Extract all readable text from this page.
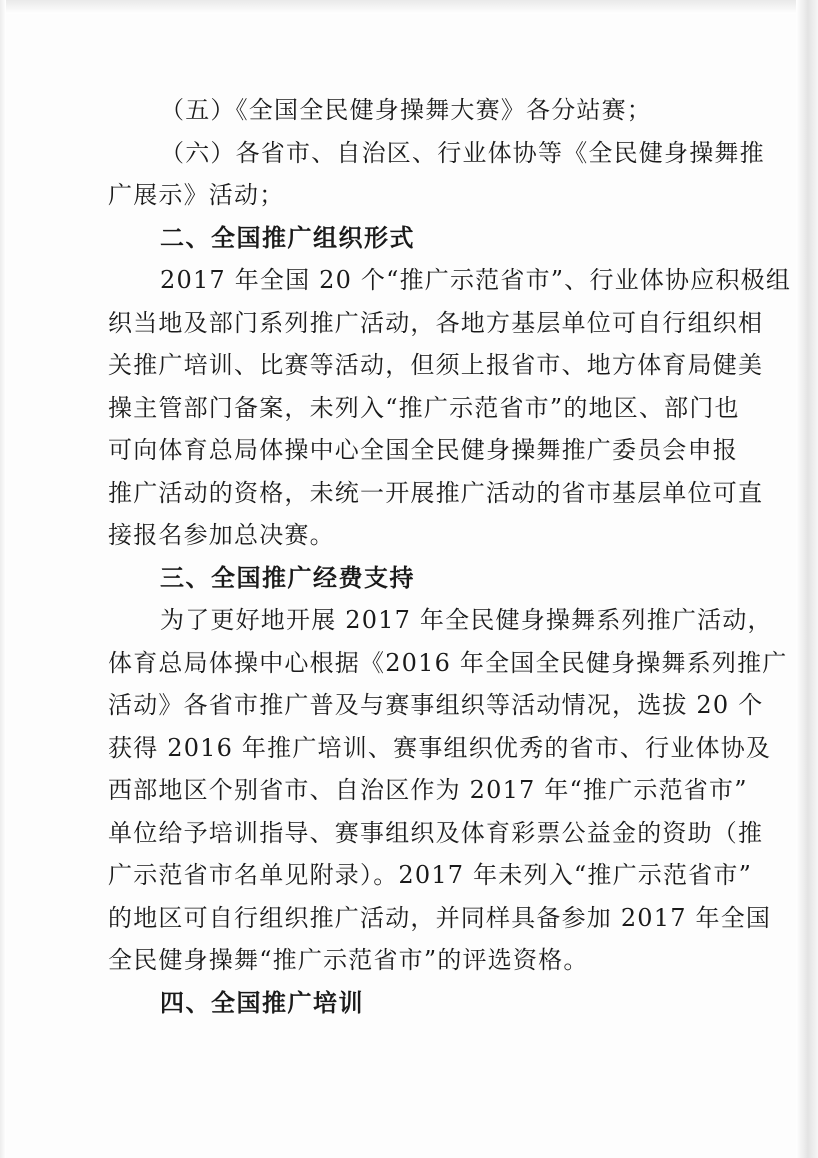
（五）《全国全民健身操舞大赛》各分站赛；
（六）各省市、自治区、行业体协等《全民健身操舞推
广展示》活动；
二、全国推广组织形式
2017 年全国 20 个“推广示范省市”、行业体协应积极组
织当地及部门系列推广活动，各地方基层单位可自行组织相
关推广培训、比赛等活动，但须上报省市、地方体育局健美
操主管部门备案，未列入“推广示范省市”的地区、部门也
可向体育总局体操中心全国全民健身操舞推广委员会申报
推广活动的资格，未统一开展推广活动的省市基层单位可直
接报名参加总决赛。
三、全国推广经费支持
为了更好地开展 2017 年全民健身操舞系列推广活动，
体育总局体操中心根据《2016 年全国全民健身操舞系列推广
活动》各省市推广普及与赛事组织等活动情况，选拔 20 个
获得 2016 年推广培训、赛事组织优秀的省市、行业体协及
西部地区个别省市、自治区作为 2017 年“推广示范省市”
单位给予培训指导、赛事组织及体育彩票公益金的资助（推
广示范省市名单见附录）。2017 年未列入“推广示范省市”
的地区可自行组织推广活动，并同样具备参加 2017 年全国
全民健身操舞“推广示范省市”的评选资格。
四、全国推广培训
